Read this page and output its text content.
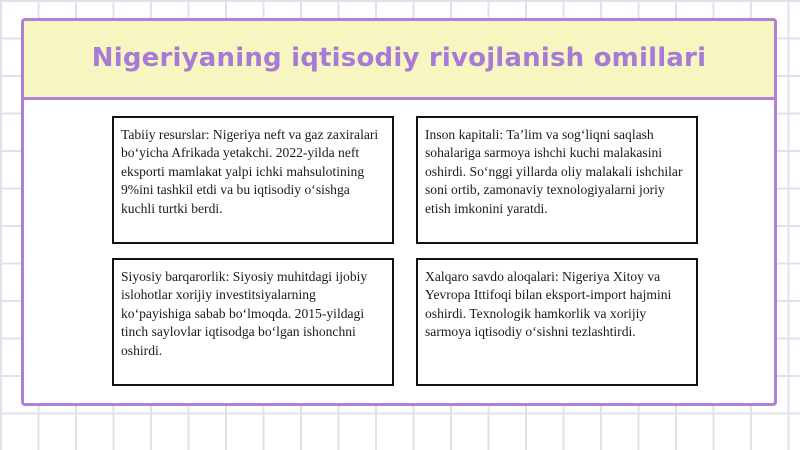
Nigeriyaning iqtisodiy rivojlanish omillari
Tabiiy resurslar: Nigeriya neft va gaz zaxiralari bo‘yicha Afrikada yetakchi. 2022-yilda neft eksporti mamlakat yalpi ichki mahsulotining 9%ini tashkil etdi va bu iqtisodiy o‘sishga kuchli turtki berdi.
Inson kapitali: Ta’lim va sog‘liqni saqlash sohalariga sarmoya ishchi kuchi malakasini oshirdi. So‘nggi yillarda oliy malakali ishchilar soni ortib, zamonaviy texnologiyalarni joriy etish imkonini yaratdi.
Siyosiy barqarorlik: Siyosiy muhitdagi ijobiy islohotlar xorijiy investitsiyalarning ko‘payishiga sabab bo‘lmoqda. 2015-yildagi tinch saylovlar iqtisodga bo‘lgan ishonchni oshirdi.
Xalqaro savdo aloqalari: Nigeriya Xitoy va Yevropa Ittifoqi bilan eksport-import hajmini oshirdi. Texnologik hamkorlik va xorijiy sarmoya iqtisodiy o‘sishni tezlashtirdi.
